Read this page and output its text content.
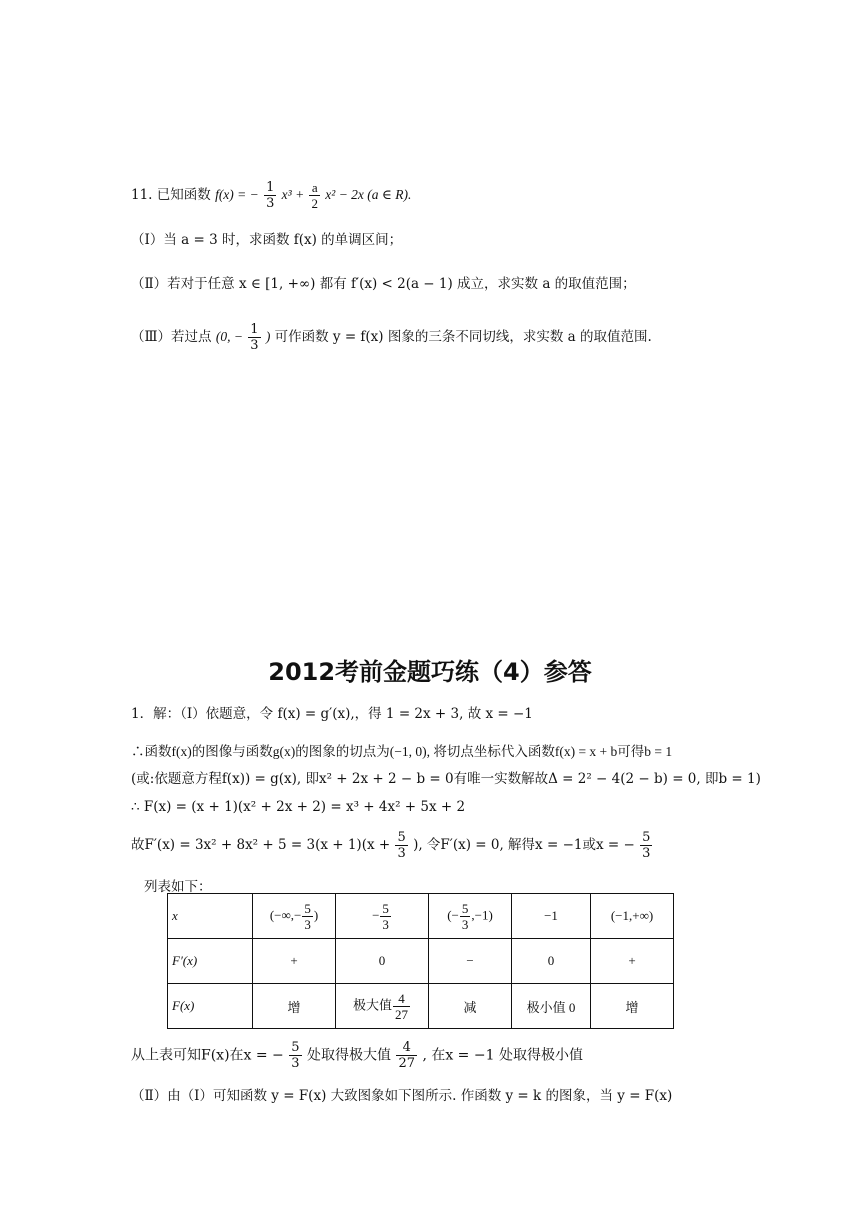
11. 已知函数 f(x) = − $\frac{1}{3} x^3 + \frac{a}{2} x^2 - 2x$ (a ∈ R).
（Ⅰ）当 a = 3 时，求函数 f(x) 的单调区间；
（Ⅱ）若对于任意 x ∈ [1, +∞) 都有 f′(x) < 2(a − 1) 成立，求实数 a 的取值范围；
（Ⅲ）若过点 (0, − $\frac{1}{3}$ ) 可作函数 y = f(x) 图象的三条不同切线，求实数 a 的取值范围.
2012考前金题巧练（4）参答
1．解：（Ⅰ）依题意，令 f(x) = g′(x),，得 1 = 2x + 3, 故 x = −1
∴函数f(x)的图像与函数g(x)的图象的切点为(−1, 0), 将切点坐标代入函数f(x) = x + b可得b = 1
(或:依题意方程f(x)) = g(x), 即x² + 2x + 2 − b = 0有唯一实数解故Δ = 2² − 4(2 − b) = 0, 即b = 1)
∴ F(x) = (x + 1)(x² + 2x + 2) = x³ + 4x² + 5x + 2
故$F'(x) = 3x^2 + 8x^2 + 5 = 3(x + 1)(x + \frac{5}{3}$ ), 令F′(x) = 0, 解得x = −1或x = − $\frac{5}{3}$
列表如下：
x	(−∞,− $\frac{5}{3}$ )	− $\frac{5}{3}$	(− $\frac{5}{3} ,-1$)	−1	(−1,+∞)
F′(x)	+	0	−	0	+
F(x)	增	极大值 $\frac{4}{27}$	减	极小值 0	增
从上表可知F(x)在x = − $\frac{5}{3}$ 处取得极大值 $\frac{4}{27}$ , 在x = −1 处取得极小值
（Ⅱ）由（Ⅰ）可知函数 y = F(x) 大致图象如下图所示. 作函数 y = k 的图象，当 y = F(x)
